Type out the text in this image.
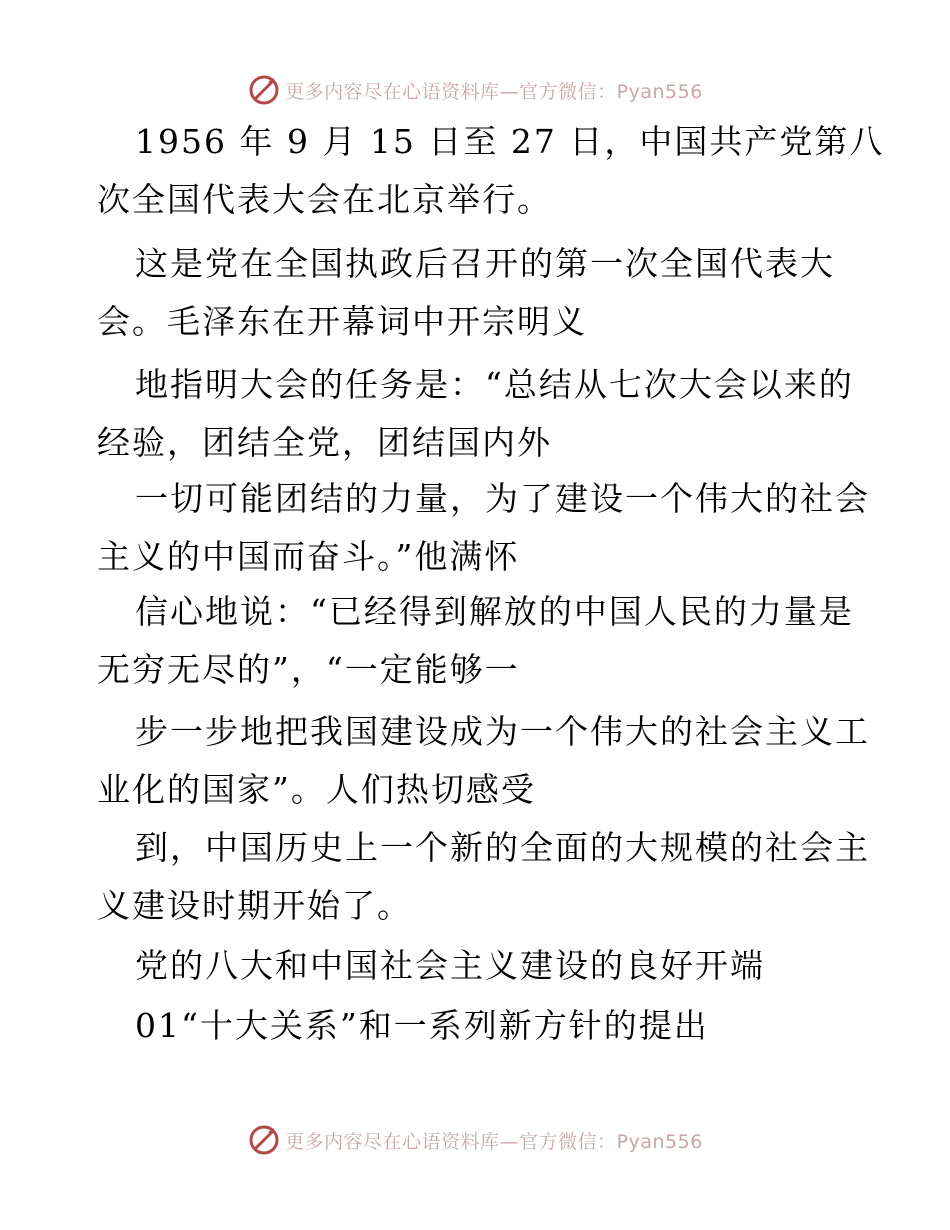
更多内容尽在心语资料库—官方微信：Pyan556
1956 年 9 月 15 日至 27 日，中国共产党第八
次全国代表大会在北京举行。
这是党在全国执政后召开的第一次全国代表大
会。毛泽东在开幕词中开宗明义
地指明大会的任务是：“总结从七次大会以来的
经验，团结全党，团结国内外
一切可能团结的力量，为了建设一个伟大的社会
主义的中国而奋斗。”他满怀
信心地说：“已经得到解放的中国人民的力量是
无穷无尽的”，“一定能够一
步一步地把我国建设成为一个伟大的社会主义工
业化的国家”。人们热切感受
到，中国历史上一个新的全面的大规模的社会主
义建设时期开始了。
党的八大和中国社会主义建设的良好开端
01“十大关系”和一系列新方针的提出
更多内容尽在心语资料库—官方微信：Pyan556
